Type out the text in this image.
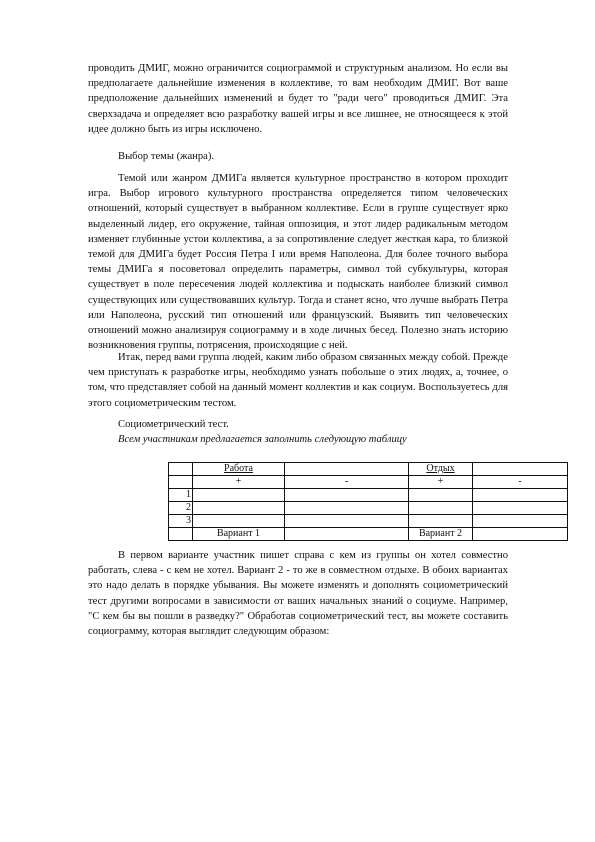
проводить ДМИГ, можно ограничится социограммой и структурным анализом. Но если вы предполагаете дальнейшие изменения в коллективе, то вам необходим ДМИГ. Вот ваше предположение дальнейших изменений и будет то "ради чего" проводиться ДМИГ. Эта сверхзадача и определяет всю разработку вашей игры и все лишнее, не относящееся к этой идее должно быть из игры исключено.

Выбор темы (жанра).

Темой или жанром ДМИГа является культурное пространство в котором проходит игра. Выбор игрового культурного пространства определяется типом человеческих отношений, который существует в выбранном коллективе. Если в группе существует ярко выделенный лидер, его окружение, тайная оппозиция, и этот лидер радикальным методом изменяет глубинные устои коллектива, а за сопротивление следует жесткая кара, то близкой темой для ДМИГа будет Россия Петра I или время Наполеона. Для более точного выбора темы ДМИГа я посоветовал определить параметры, символ той субкультуры, которая существует в поле пересечения людей коллектива и подыскать наиболее близкий символ существующих или существовавших культур. Тогда и станет ясно, что лучше выбрать Петра или Наполеона, русский тип отношений или французский. Выявить тип человеческих отношений можно анализируя социограмму и в ходе личных бесед. Полезно знать историю возникновения группы, потрясения, происходящие с ней.

Итак, перед вами группа людей, каким либо образом связанных между собой. Прежде чем приступать к разработке игры, необходимо узнать побольше о этих людях, а, точнее, о том, что представляет собой на данный момент коллектив и как социум. Воспользуетесь для этого социометрическим тестом.

Социометрический тест.

Всем участникам предлагается заполнить следующую таблицу

	Работа		Отдых	
	+	-	+	-
1				
2				
3				
	Вариант 1		Вариант 2	

В первом варианте участник пишет справа с кем из группы он хотел совместно работать, слева - с кем не хотел. Вариант 2 - то же в совместном отдыхе. В обоих вариантах это надо делать в порядке убывания. Вы можете изменять и дополнять социометрический тест другими вопросами в зависимости от ваших начальных знаний о социуме. Например, "С кем бы вы пошли в разведку?" Обработав социометрический тест, вы можете составить социограмму, которая выглядит следующим образом:
